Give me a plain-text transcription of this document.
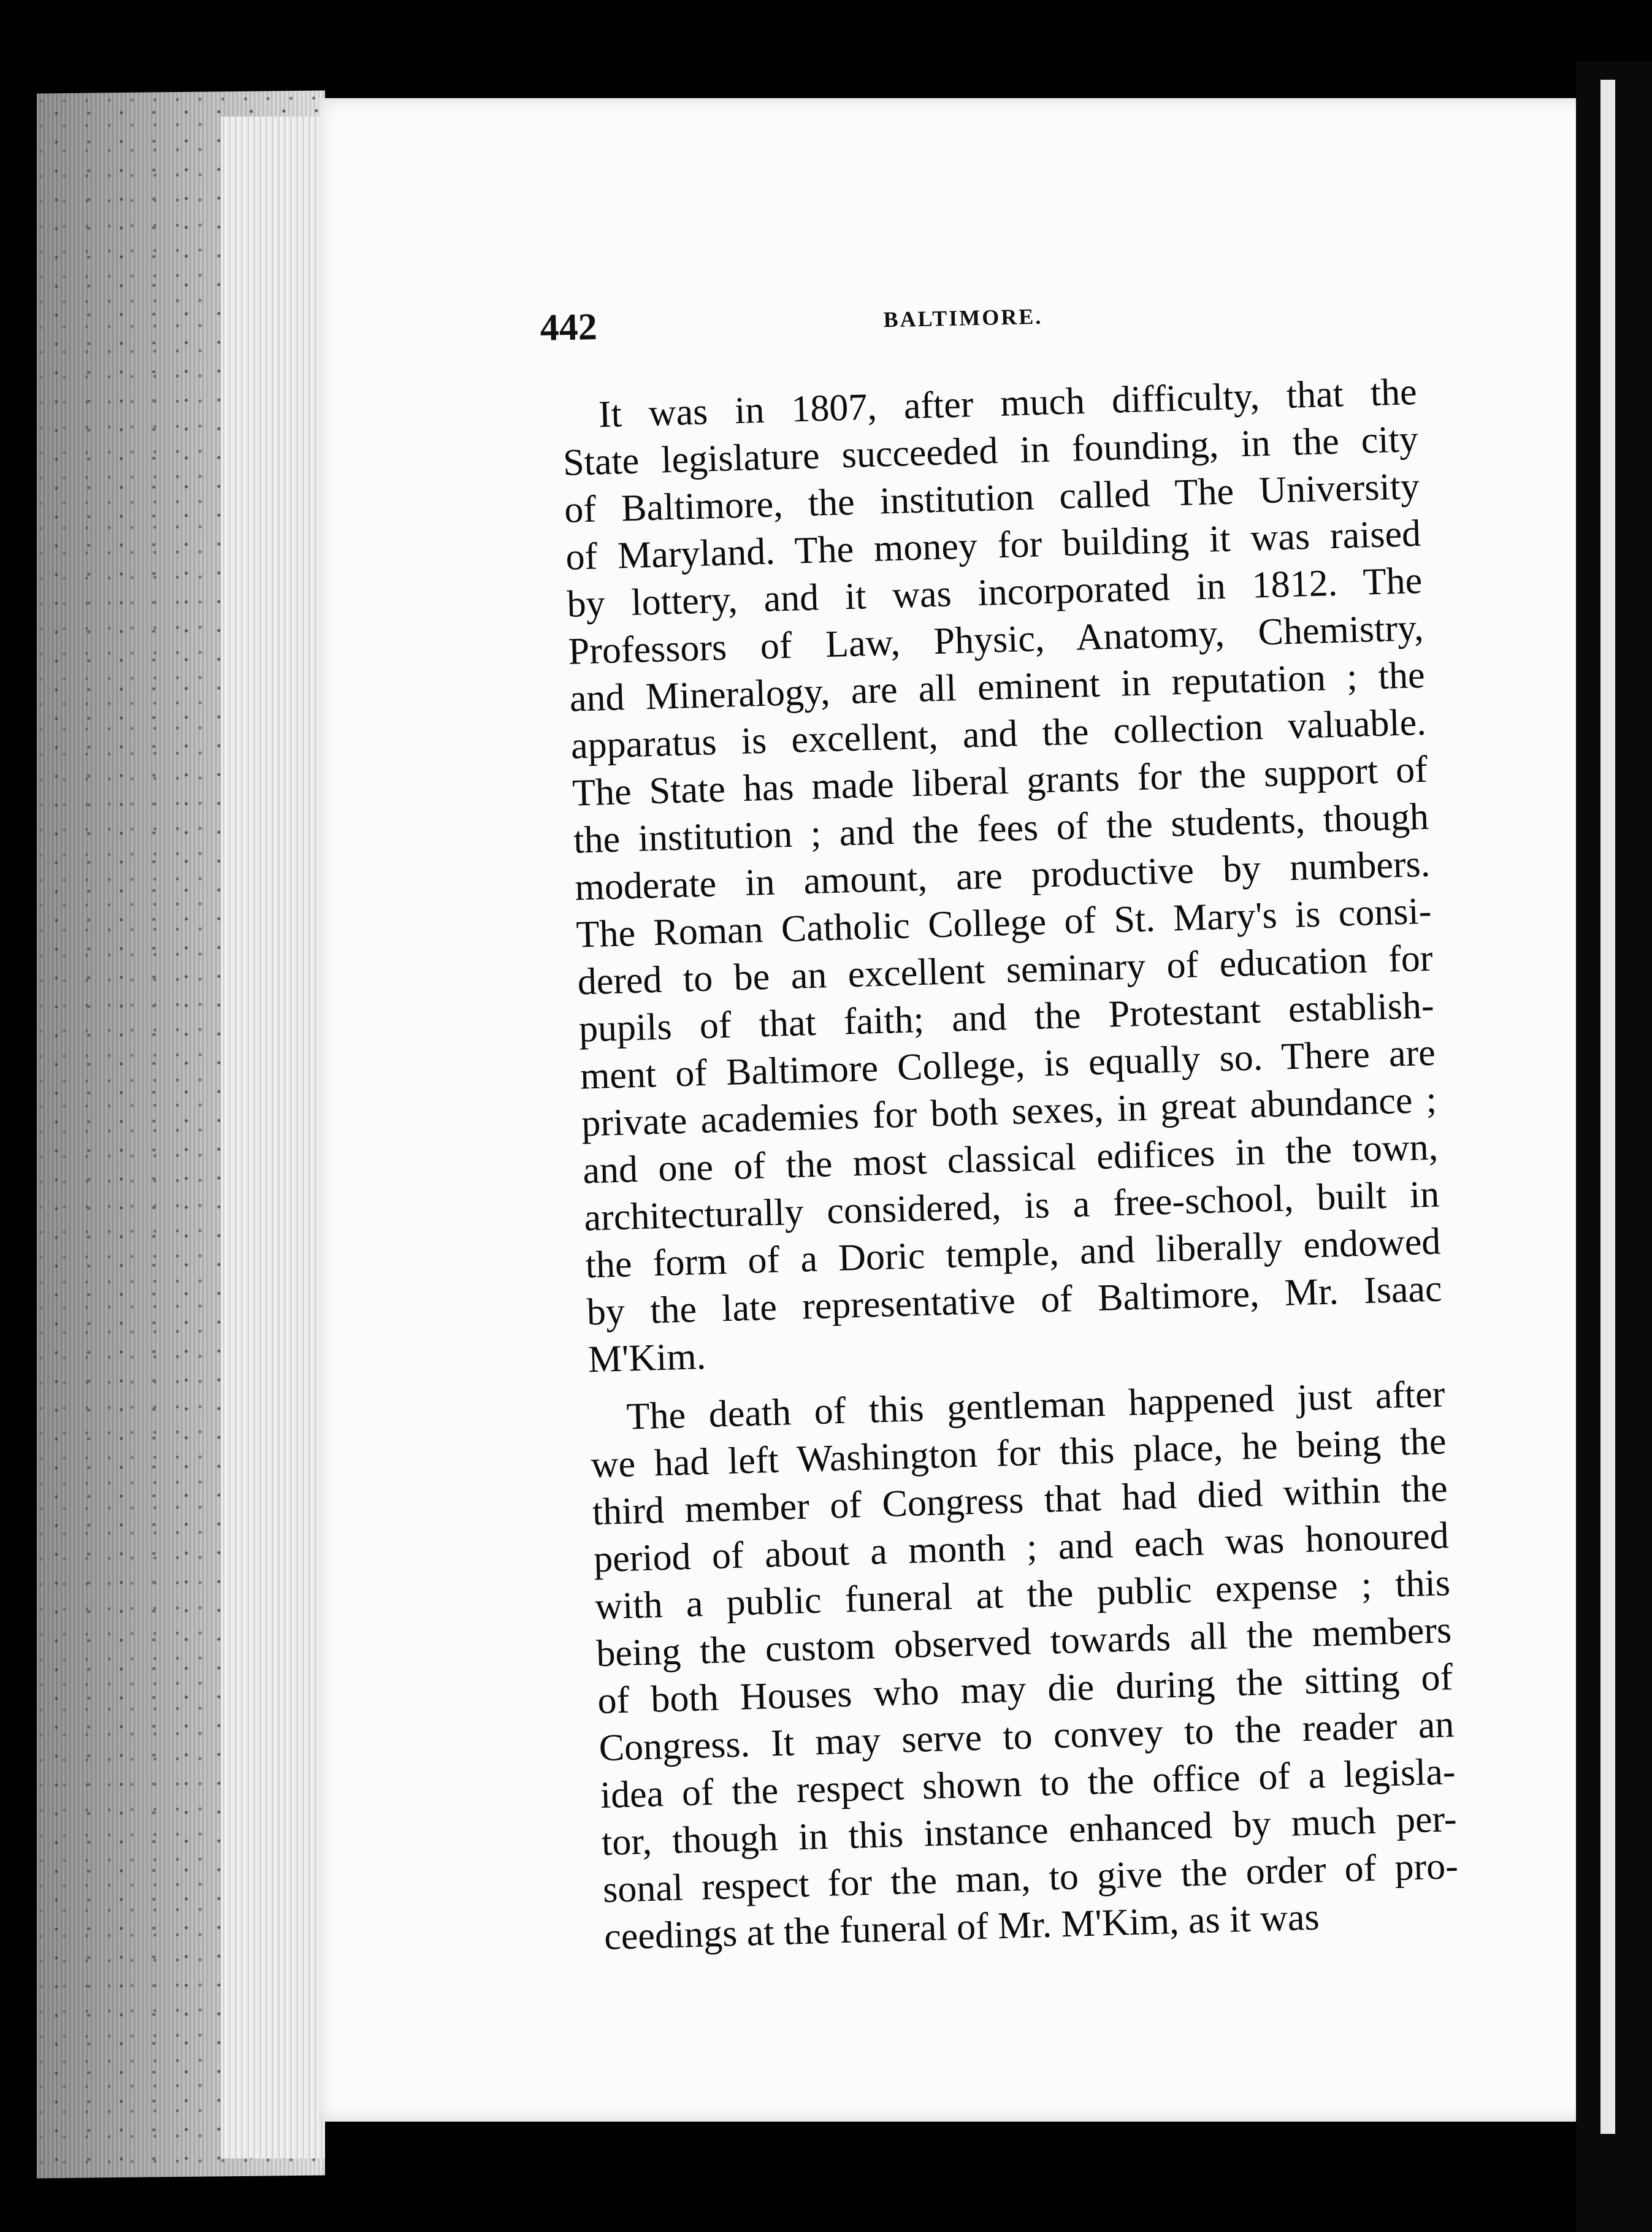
442	BALTIMORE.
It was in 1807, after much difficulty, that the
State legislature succeeded in founding, in the city
of Baltimore, the institution called The University
of Maryland. The money for building it was raised
by lottery, and it was incorporated in 1812. The
Professors of Law, Physic, Anatomy, Chemistry,
and Mineralogy, are all eminent in reputation ; the
apparatus is excellent, and the collection valuable.
The State has made liberal grants for the support of
the institution ; and the fees of the students, though
moderate in amount, are productive by numbers.
The Roman Catholic College of St. Mary's is consi-
dered to be an excellent seminary of education for
pupils of that faith; and the Protestant establish-
ment of Baltimore College, is equally so. There are
private academies for both sexes, in great abundance ;
and one of the most classical edifices in the town,
architecturally considered, is a free-school, built in
the form of a Doric temple, and liberally endowed
by the late representative of Baltimore, Mr. Isaac
M'Kim.
The death of this gentleman happened just after
we had left Washington for this place, he being the
third member of Congress that had died within the
period of about a month ; and each was honoured
with a public funeral at the public expense ; this
being the custom observed towards all the members
of both Houses who may die during the sitting of
Congress. It may serve to convey to the reader an
idea of the respect shown to the office of a legisla-
tor, though in this instance enhanced by much per-
sonal respect for the man, to give the order of pro-
ceedings at the funeral of Mr. M'Kim, as it was
